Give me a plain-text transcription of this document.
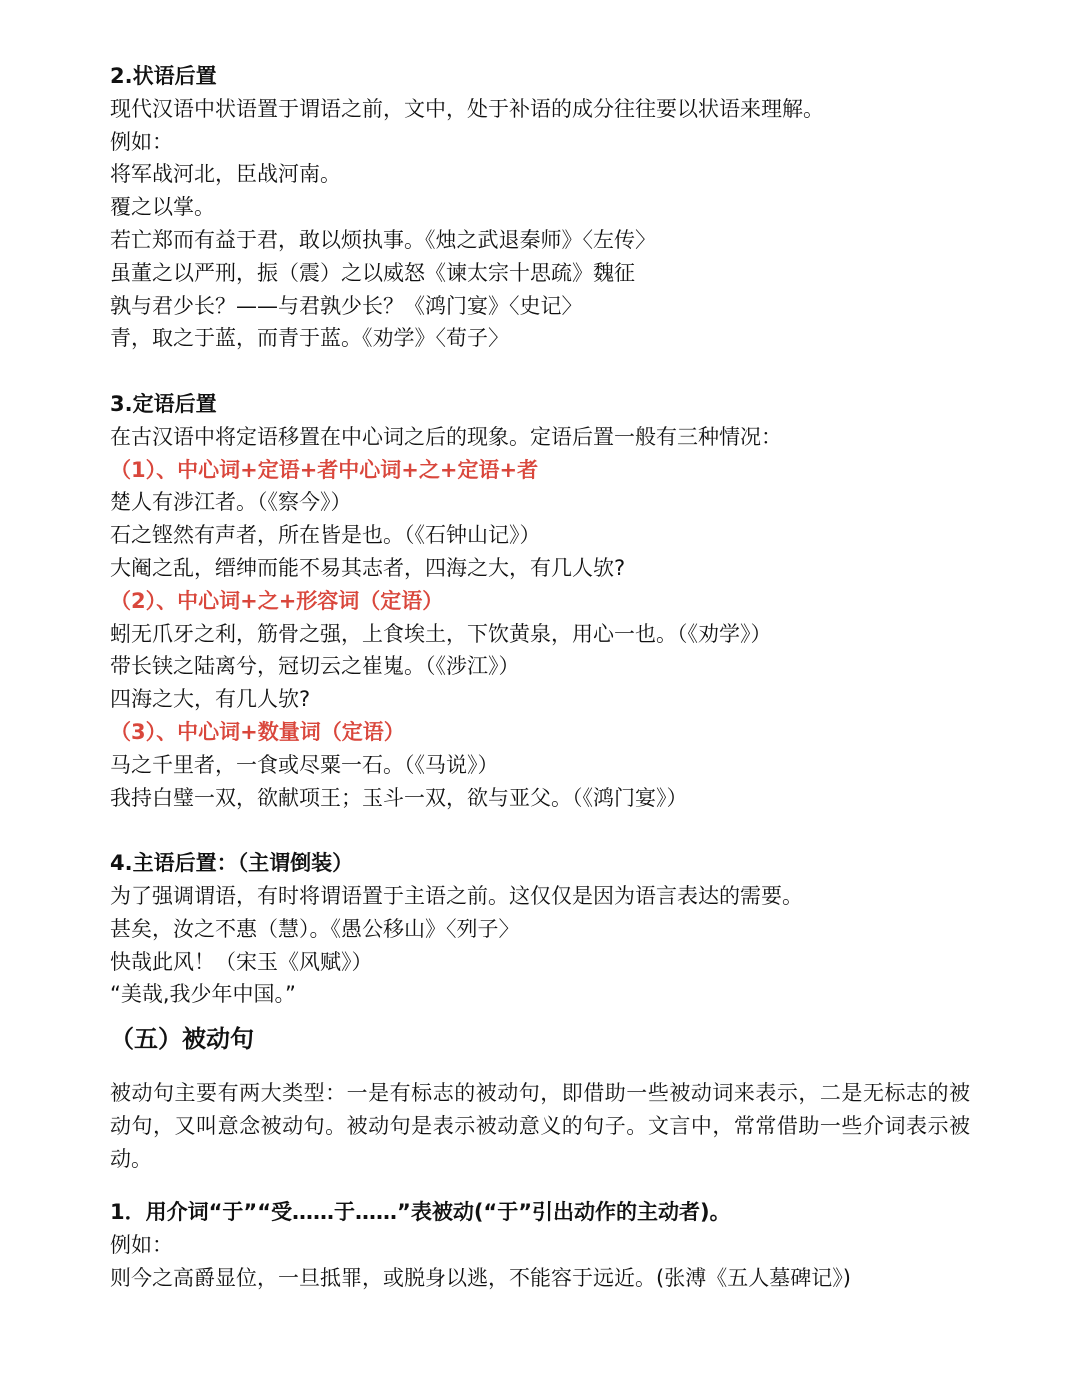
2.状语后置
现代汉语中状语置于谓语之前，文中，处于补语的成分往往要以状语来理解。
例如：
将军战河北，臣战河南。
覆之以掌。
若亡郑而有益于君，敢以烦执事。《烛之武退秦师》〈左传〉
虽董之以严刑，振（震）之以威怒《谏太宗十思疏》魏征
孰与君少长？——与君孰少长？《鸿门宴》〈史记〉
青，取之于蓝，而青于蓝。《劝学》〈荀子〉
3.定语后置
在古汉语中将定语移置在中心词之后的现象。定语后置一般有三种情况：
（1）、中心词+定语+者中心词+之+定语+者
楚人有涉江者。（《察今》）
石之铿然有声者，所在皆是也。（《石钟山记》）
大阉之乱，缙绅而能不易其志者，四海之大，有几人欤?
（2）、中心词+之+形容词（定语）
蚓无爪牙之利，筋骨之强，上食埃土，下饮黄泉，用心一也。（《劝学》）
带长铗之陆离兮，冠切云之崔嵬。（《涉江》）
四海之大，有几人欤?
（3）、中心词+数量词（定语）
马之千里者，一食或尽粟一石。（《马说》）
我持白璧一双，欲献项王；玉斗一双，欲与亚父。（《鸿门宴》）
4.主语后置：（主谓倒装）
为了强调谓语，有时将谓语置于主语之前。这仅仅是因为语言表达的需要。
甚矣，汝之不惠（慧）。《愚公移山》〈列子〉
快哉此风！（宋玉《风赋》）
“美哉,我少年中国。”
（五）被动句
被动句主要有两大类型：一是有标志的被动句，即借助一些被动词来表示，二是无标志的被动句，又叫意念被动句。被动句是表示被动意义的句子。文言中，常常借助一些介词表示被动。
1．用介词“于”“受……于……”表被动(“于”引出动作的主动者)。
例如：
则今之高爵显位，一旦抵罪，或脱身以逃，不能容于远近。(张溥《五人墓碑记》)
